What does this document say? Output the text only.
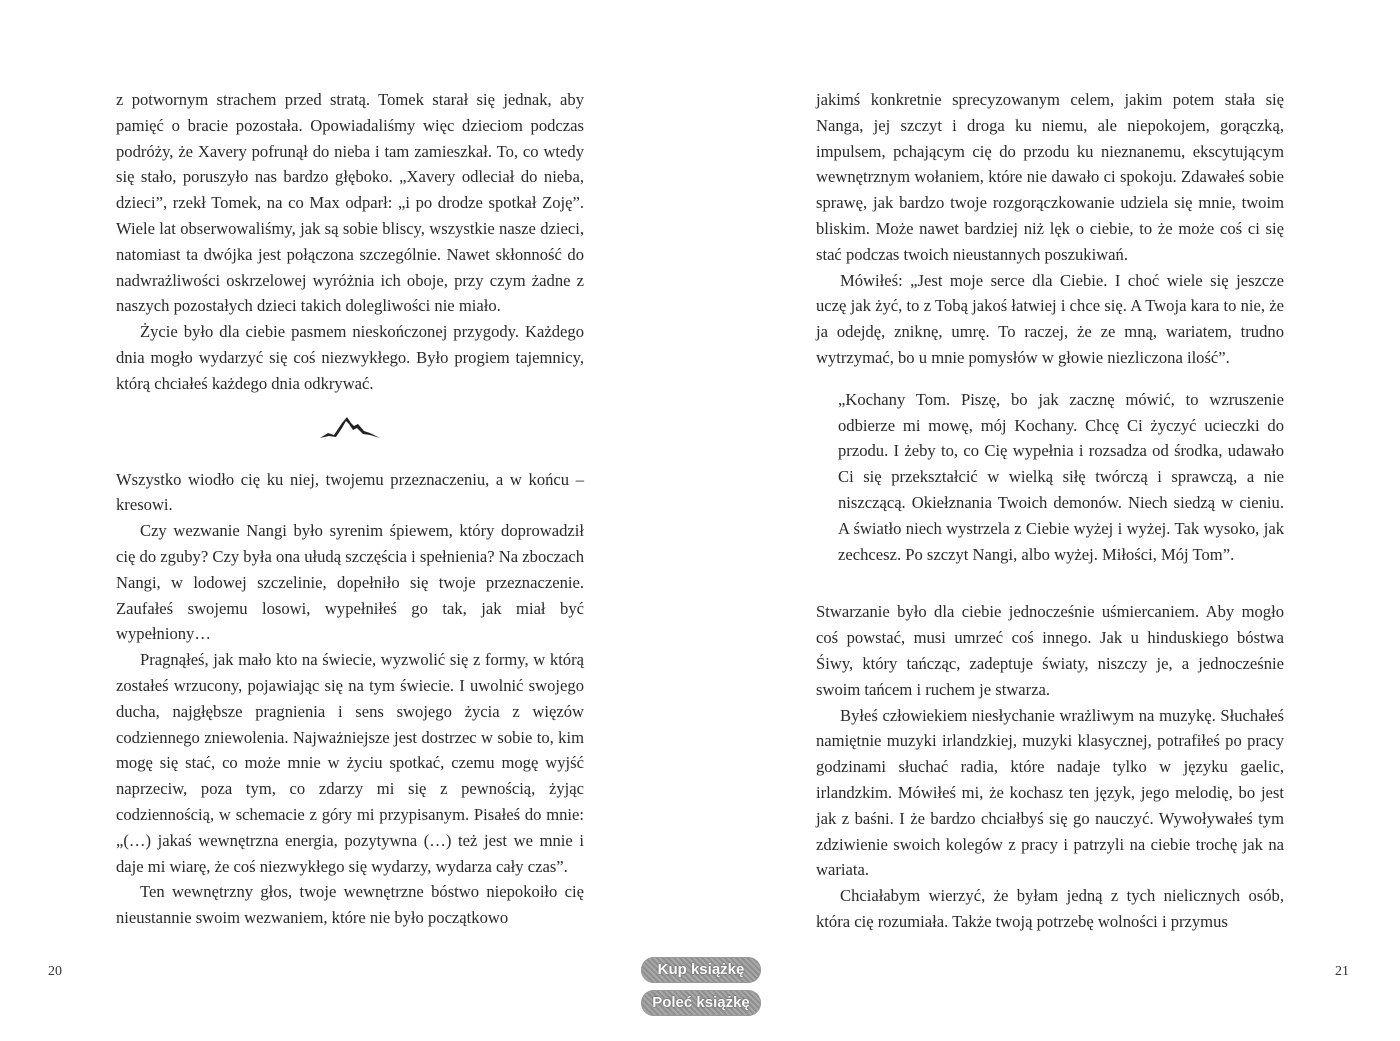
z potwornym strachem przed stratą. Tomek starał się jednak, aby pamięć o bracie pozostała. Opowiadaliśmy więc dzieciom podczas podróży, że Xavery pofrunął do nieba i tam zamieszkał. To, co wtedy się stało, poruszyło nas bardzo głęboko. „Xavery odleciał do nieba, dzieci”, rzekł Tomek, na co Max odparł: „i po drodze spotkał Zoję”. Wiele lat obserwowaliśmy, jak są sobie bliscy, wszystkie nasze dzieci, natomiast ta dwójka jest połączona szczególnie. Nawet skłonność do nadwrażliwości oskrzelowej wyróżnia ich oboje, przy czym żadne z naszych pozostałych dzieci takich dolegliwości nie miało.

Życie było dla ciebie pasmem nieskończonej przygody. Każdego dnia mogło wydarzyć się coś niezwykłego. Było progiem tajemnicy, którą chciałeś każdego dnia odkrywać.

Wszystko wiodło cię ku niej, twojemu przeznaczeniu, a w końcu – kresowi.

Czy wezwanie Nangi było syrenim śpiewem, który doprowadził cię do zguby? Czy była ona ułudą szczęścia i spełnienia? Na zboczach Nangi, w lodowej szczelinie, dopełniło się twoje przeznaczenie. Zaufałeś swojemu losowi, wypełniłeś go tak, jak miał być wypełniony…

Pragnąłeś, jak mało kto na świecie, wyzwolić się z formy, w którą zostałeś wrzucony, pojawiając się na tym świecie. I uwolnić swojego ducha, najgłębsze pragnienia i sens swojego życia z więzów codziennego zniewolenia. Najważniejsze jest dostrzec w sobie to, kim mogę się stać, co może mnie w życiu spotkać, czemu mogę wyjść naprzeciw, poza tym, co zdarzy mi się z pewnością, żyjąc codziennością, w schemacie z góry mi przypisanym. Pisałeś do mnie: „(…) jakaś wewnętrzna energia, pozytywna (…) też jest we mnie i daje mi wiarę, że coś niezwykłego się wydarzy, wydarza cały czas”.

Ten wewnętrzny głos, twoje wewnętrzne bóstwo niepokoiło cię nieustannie swoim wezwaniem, które nie było początkowo

jakimś konkretnie sprecyzowanym celem, jakim potem stała się Nanga, jej szczyt i droga ku niemu, ale niepokojem, gorączką, impulsem, pchającym cię do przodu ku nieznanemu, ekscytującym wewnętrznym wołaniem, które nie dawało ci spokoju. Zdawałeś sobie sprawę, jak bardzo twoje rozgorączkowanie udziela się mnie, twoim bliskim. Może nawet bardziej niż lęk o ciebie, to że może coś ci się stać podczas twoich nieustannych poszukiwań.

Mówiłeś: „Jest moje serce dla Ciebie. I choć wiele się jeszcze uczę jak żyć, to z Tobą jakoś łatwiej i chce się. A Twoja kara to nie, że ja odejdę, zniknę, umrę. To raczej, że ze mną, wariatem, trudno wytrzymać, bo u mnie pomysłów w głowie niezliczona ilość”.

„Kochany Tom. Piszę, bo jak zacznę mówić, to wzruszenie odbierze mi mowę, mój Kochany. Chcę Ci życzyć ucieczki do przodu. I żeby to, co Cię wypełnia i rozsadza od środka, udawało Ci się przekształcić w wielką siłę twórczą i sprawczą, a nie niszczącą. Okiełznania Twoich demonów. Niech siedzą w cieniu. A światło niech wystrzela z Ciebie wyżej i wyżej. Tak wysoko, jak zechcesz. Po szczyt Nangi, albo wyżej. Miłości, Mój Tom”.

Stwarzanie było dla ciebie jednocześnie uśmiercaniem. Aby mogło coś powstać, musi umrzeć coś innego. Jak u hinduskiego bóstwa Śiwy, który tańcząc, zadeptuje światy, niszczy je, a jednocześnie swoim tańcem i ruchem je stwarza.

Byłeś człowiekiem niesłychanie wrażliwym na muzykę. Słuchałeś namiętnie muzyki irlandzkiej, muzyki klasycznej, potrafiłeś po pracy godzinami słuchać radia, które nadaje tylko w języku gaelic, irlandzkim. Mówiłeś mi, że kochasz ten język, jego melodię, bo jest jak z baśni. I że bardzo chciałbyś się go nauczyć. Wywoływałeś tym zdziwienie swoich kolegów z pracy i patrzyli na ciebie trochę jak na wariata.

Chciałabym wierzyć, że byłam jedną z tych nielicznych osób, która cię rozumiała. Także twoją potrzebę wolności i przymus

20	21
Kup książkę
Poleć książkę
